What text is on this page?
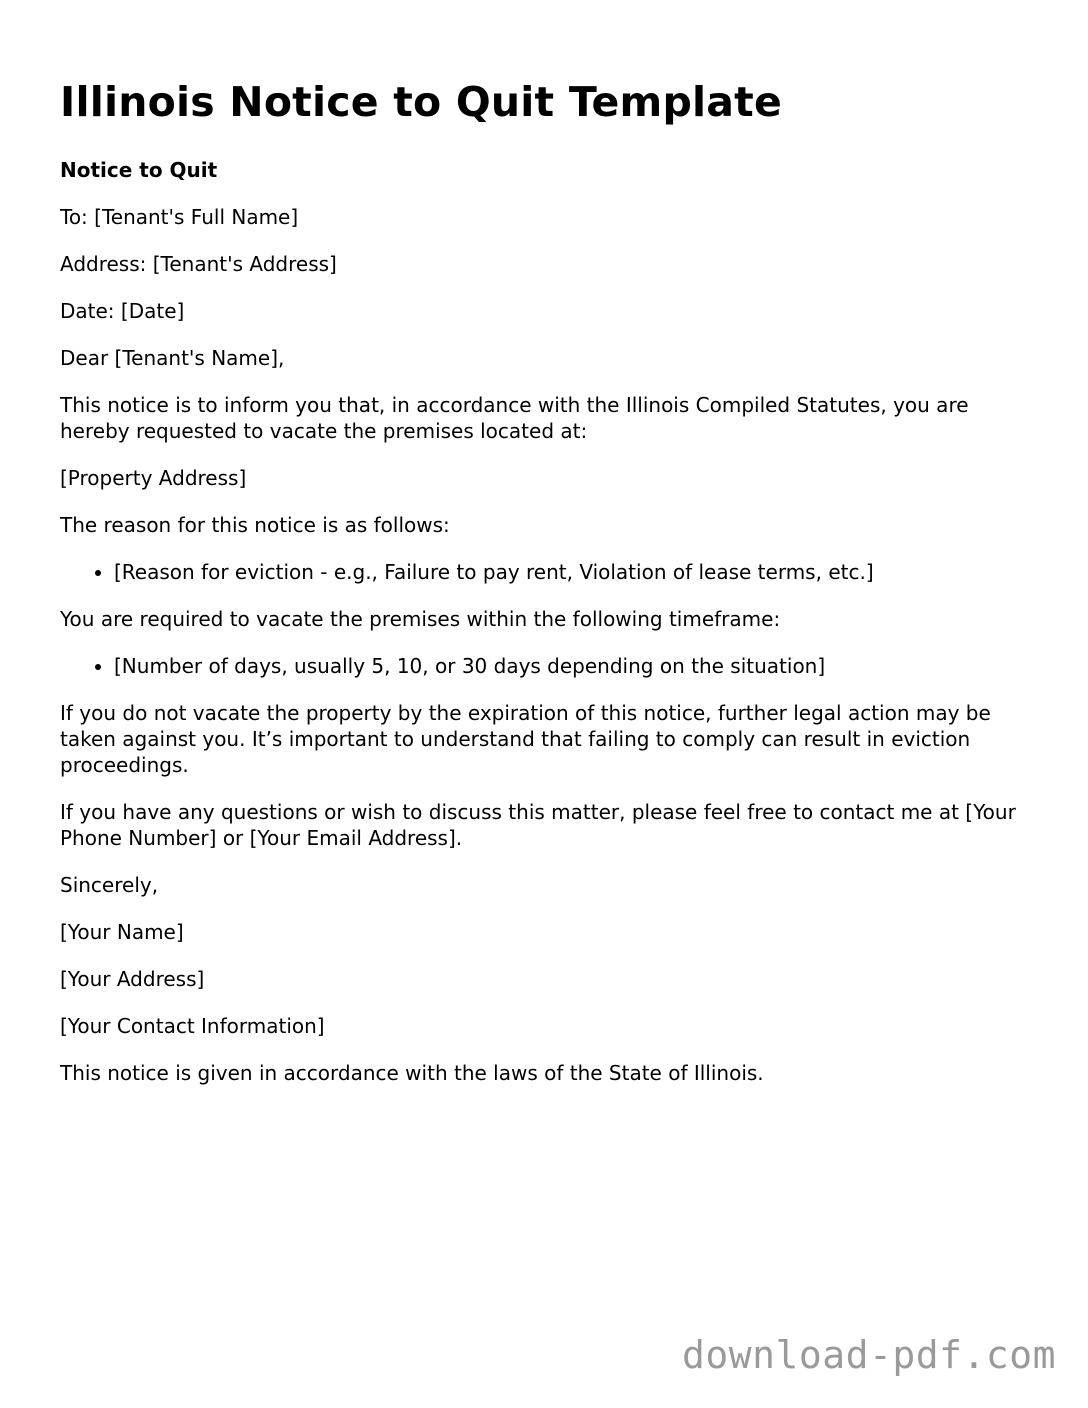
Illinois Notice to Quit Template
Notice to Quit

To: [Tenant's Full Name]

Address: [Tenant's Address]

Date: [Date]

Dear [Tenant's Name],

This notice is to inform you that, in accordance with the Illinois Compiled Statutes, you are hereby requested to vacate the premises located at:

[Property Address]

The reason for this notice is as follows:

• [Reason for eviction - e.g., Failure to pay rent, Violation of lease terms, etc.]

You are required to vacate the premises within the following timeframe:

• [Number of days, usually 5, 10, or 30 days depending on the situation]

If you do not vacate the property by the expiration of this notice, further legal action may be taken against you. It’s important to understand that failing to comply can result in eviction proceedings.

If you have any questions or wish to discuss this matter, please feel free to contact me at [Your Phone Number] or [Your Email Address].

Sincerely,

[Your Name]

[Your Address]

[Your Contact Information]

This notice is given in accordance with the laws of the State of Illinois.

download-pdf.com
